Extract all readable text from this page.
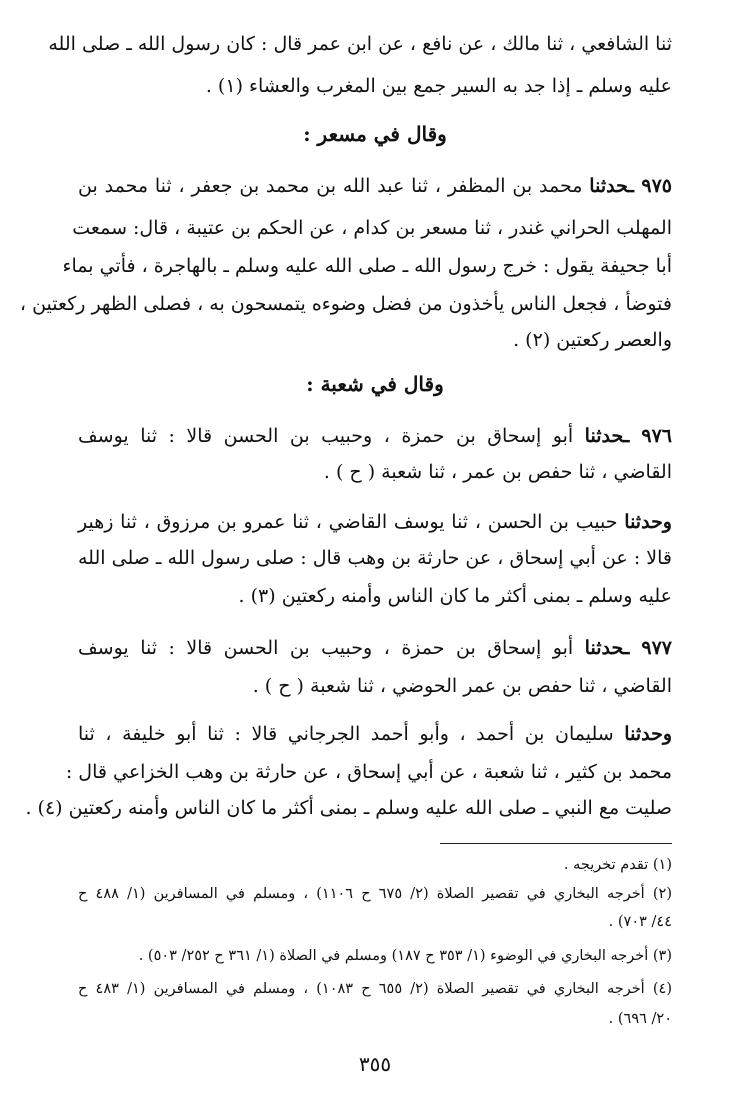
ثنا الشافعي ، ثنا مالك ، عن نافع ، عن ابن عمر قال : كان رسول الله ـ صلى الله
عليه وسلم ـ إذا جد به السير جمع بين المغرب والعشاء (١) .
وقال في مسعر :
٩٧٥ ـحدثنا محمد بن المظفر ، ثنا عبد الله بن محمد بن جعفر ، ثنا محمد بن
المهلب الحراني غندر ، ثنا مسعر بن كدام ، عن الحكم بن عتيبة ، قال: سمعت
أبا جحيفة يقول : خرج رسول الله ـ صلى الله عليه وسلم ـ بالهاجرة ، فأتي بماء
فتوضأ ، فجعل الناس يأخذون من فضل وضوءه يتمسحون به ، فصلى الظهر ركعتين ،
والعصر ركعتين (٢) .
وقال في شعبة :
٩٧٦ ـحدثنا أبو إسحاق بن حمزة ، وحبيب بن الحسن قالا : ثنا يوسف
القاضي ، ثنا حفص بن عمر ، ثنا شعبة ( ح ) .
وحدثنا حبيب بن الحسن ، ثنا يوسف القاضي ، ثنا عمرو بن مرزوق ، ثنا زهير
قالا : عن أبي إسحاق ، عن حارثة بن وهب قال : صلى رسول الله ـ صلى الله
عليه وسلم ـ بمنى أكثر ما كان الناس وأمنه ركعتين (٣) .
٩٧٧ ـحدثنا أبو إسحاق بن حمزة ، وحبيب بن الحسن قالا : ثنا يوسف
القاضي ، ثنا حفص بن عمر الحوضي ، ثنا شعبة ( ح ) .
وحدثنا سليمان بن أحمد ، وأبو أحمد الجرجاني قالا : ثنا أبو خليفة ، ثنا
محمد بن كثير ، ثنا شعبة ، عن أبي إسحاق ، عن حارثة بن وهب الخزاعي قال :
صليت مع النبي ـ صلى الله عليه وسلم ـ بمنى أكثر ما كان الناس وأمنه ركعتين (٤) .
(١) تقدم تخريجه .
(٢) أخرجه البخاري في تقصير الصلاة (٢/ ٦٧٥ ح ١١٠٦) ، ومسلم في المسافرين (١/ ٤٨٨ ح
٤٤/ ٧٠٣) .
(٣) أخرجه البخاري في الوضوء (١/ ٣٥٣ ح ١٨٧) ومسلم في الصلاة (١/ ٣٦١ ح ٢٥٢/ ٥٠٣) .
(٤) أخرجه البخاري في تقصير الصلاة (٢/ ٦٥٥ ح ١٠٨٣) ، ومسلم في المسافرين (١/ ٤٨٣ ح
٢٠/ ٦٩٦) .
٣٥٥
